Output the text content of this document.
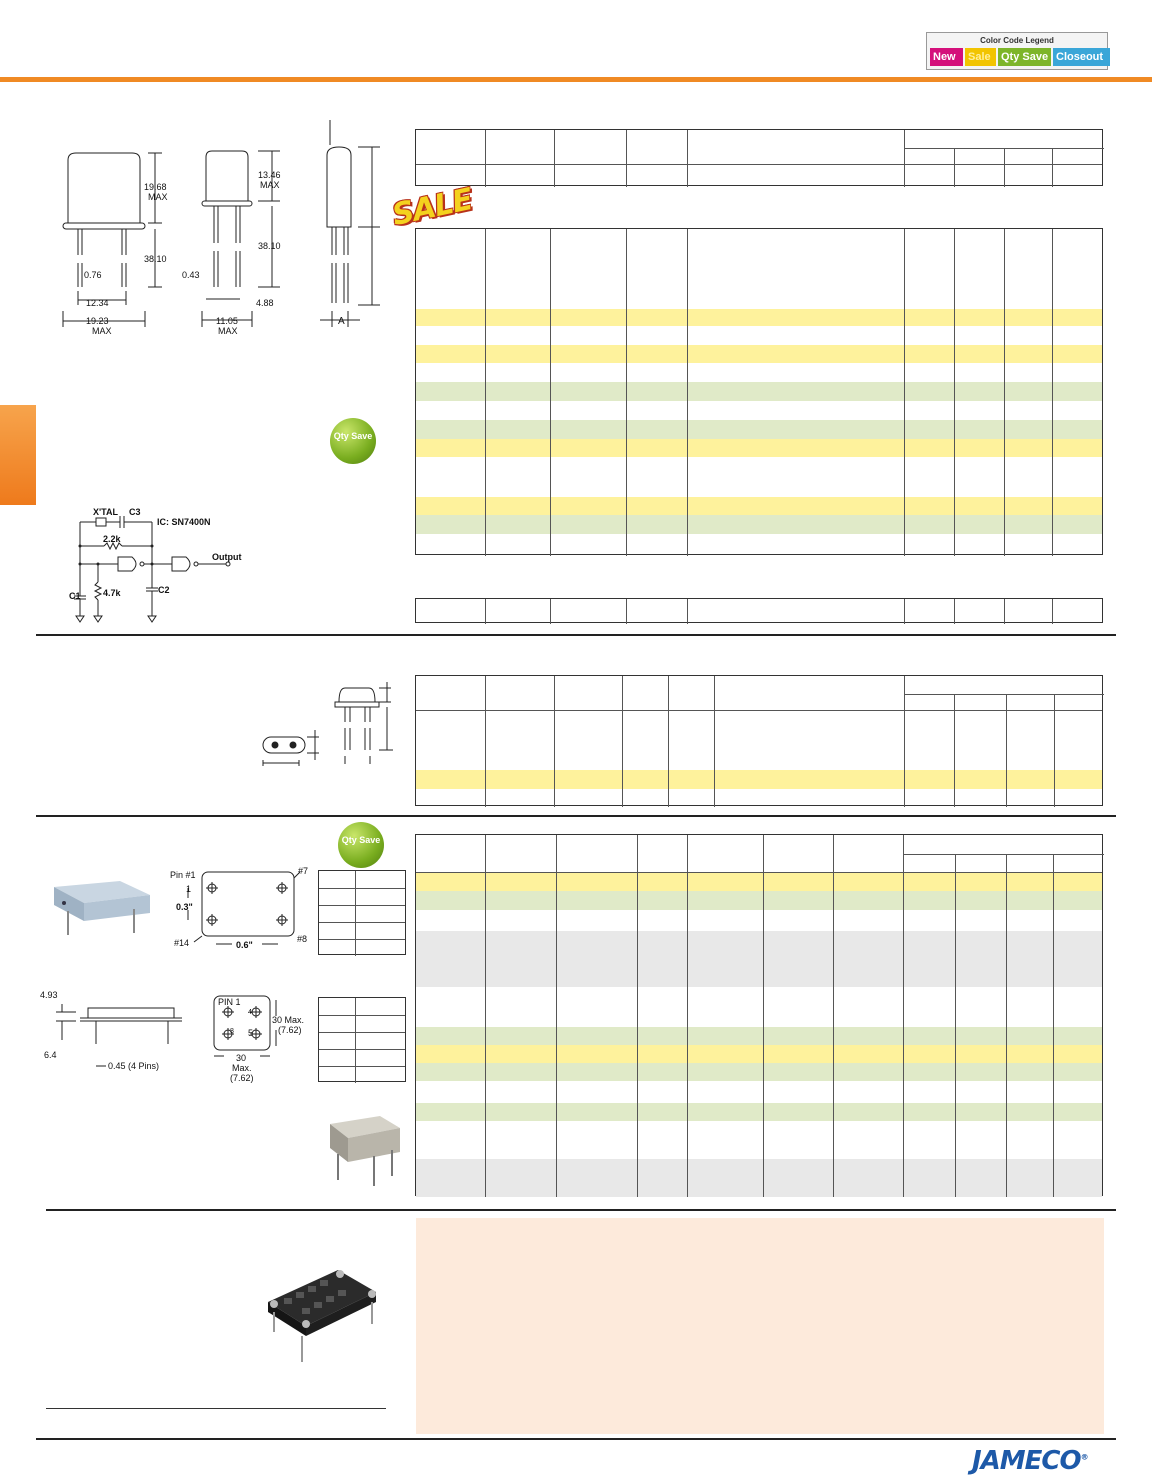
Color Code Legend
New	Sale Qty Save Closeout
19.68
MAX
38.10
0.76
12.34
19.23
MAX
13.46
MAX
38.10
0.43
4.88
11.05
MAX
A
Qty Save
X'TAL C3
IC: SN7400N
2.2k
Output
4.7k
C1
C2
SALE
Qty Save
Pin #1	#7
1
0.3"
#14	0.6"
#8
4.93
6.4
0.45 (4 Pins)
PIN 1
4
8 5
30 Max.
(7.62)
30
Max.
(7.62)
JAMECO®
